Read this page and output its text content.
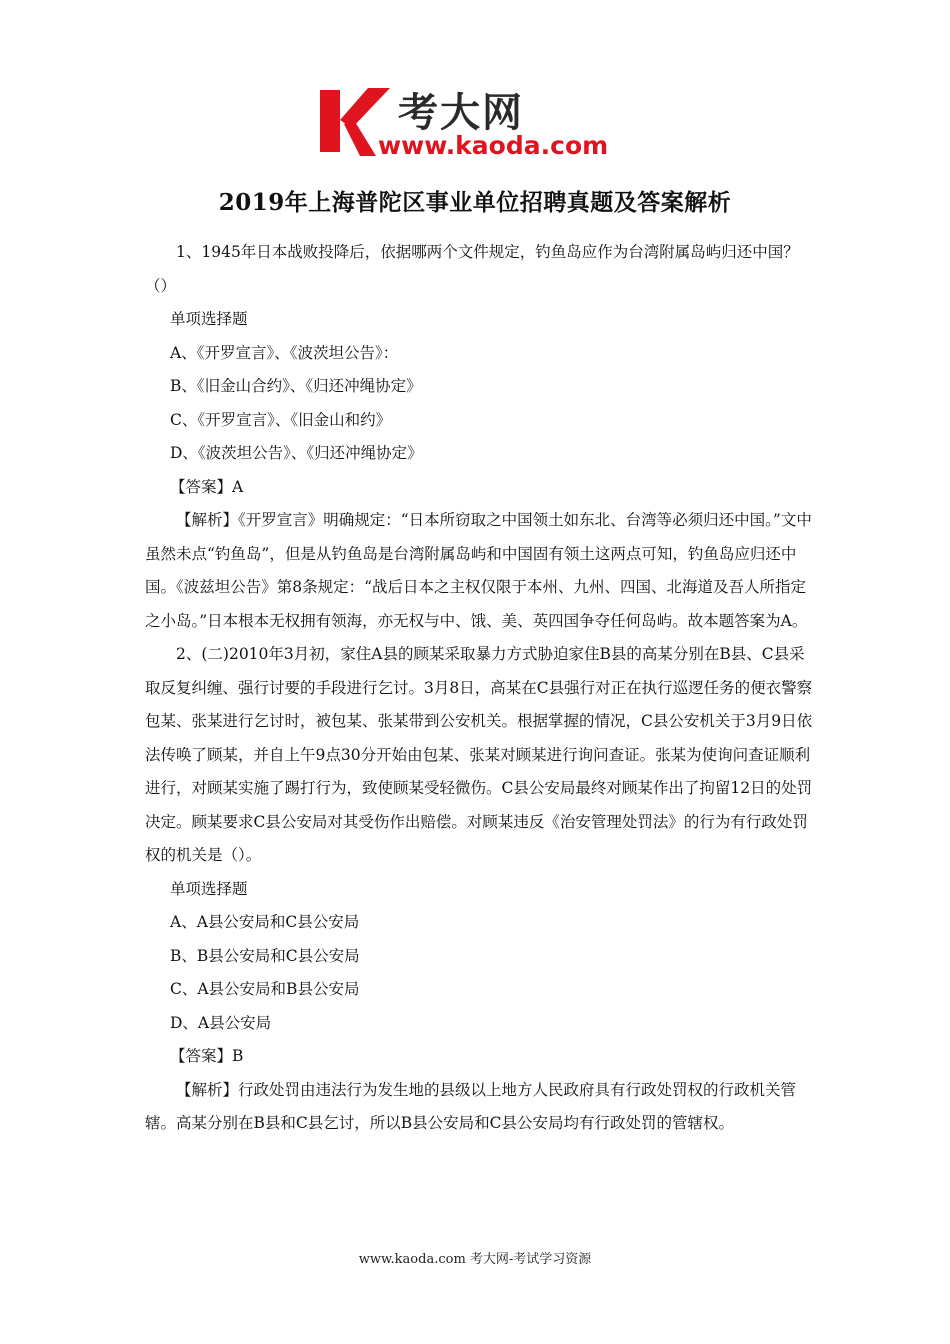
考大网
www.kaoda.com
2019年上海普陀区事业单位招聘真题及答案解析

1、1945年日本战败投降后，依据哪两个文件规定，钓鱼岛应作为台湾附属岛屿归还中国？（）

单项选择题

A、《开罗宣言》、《波茨坦公告》：

B、《旧金山合约》、《归还冲绳协定》

C、《开罗宣言》、《旧金山和约》

D、《波茨坦公告》、《归还冲绳协定》

【答案】A

【解析】《开罗宣言》明确规定：“日本所窃取之中国领土如东北、台湾等必须归还中国。”文中虽然未点“钓鱼岛”，但是从钓鱼岛是台湾附属岛屿和中国固有领土这两点可知，钓鱼岛应归还中国。《波兹坦公告》第8条规定：“战后日本之主权仅限于本州、九州、四国、北海道及吾人所指定之小岛。”日本根本无权拥有领海，亦无权与中、饿、美、英四国争夺任何岛屿。故本题答案为A。

2、(二)2010年3月初，家住A县的顾某采取暴力方式胁迫家住B县的高某分别在B县、C县采取反复纠缠、强行讨要的手段进行乞讨。3月8日，高某在C县强行对正在执行巡逻任务的便衣警察包某、张某进行乞讨时，被包某、张某带到公安机关。根据掌握的情况，C县公安机关于3月9日依法传唤了顾某，并自上午9点30分开始由包某、张某对顾某进行询问查证。张某为使询问查证顺利进行，对顾某实施了踢打行为，致使顾某受轻微伤。C县公安局最终对顾某作出了拘留12日的处罚决定。顾某要求C县公安局对其受伤作出赔偿。对顾某违反《治安管理处罚法》的行为有行政处罚权的机关是（）。

单项选择题

A、A县公安局和C县公安局

B、B县公安局和C县公安局

C、A县公安局和B县公安局

D、A县公安局

【答案】B

【解析】行政处罚由违法行为发生地的县级以上地方人民政府具有行政处罚权的行政机关管辖。高某分别在B县和C县乞讨，所以B县公安局和C县公安局均有行政处罚的管辖权。

www.kaoda.com 考大网-考试学习资源
